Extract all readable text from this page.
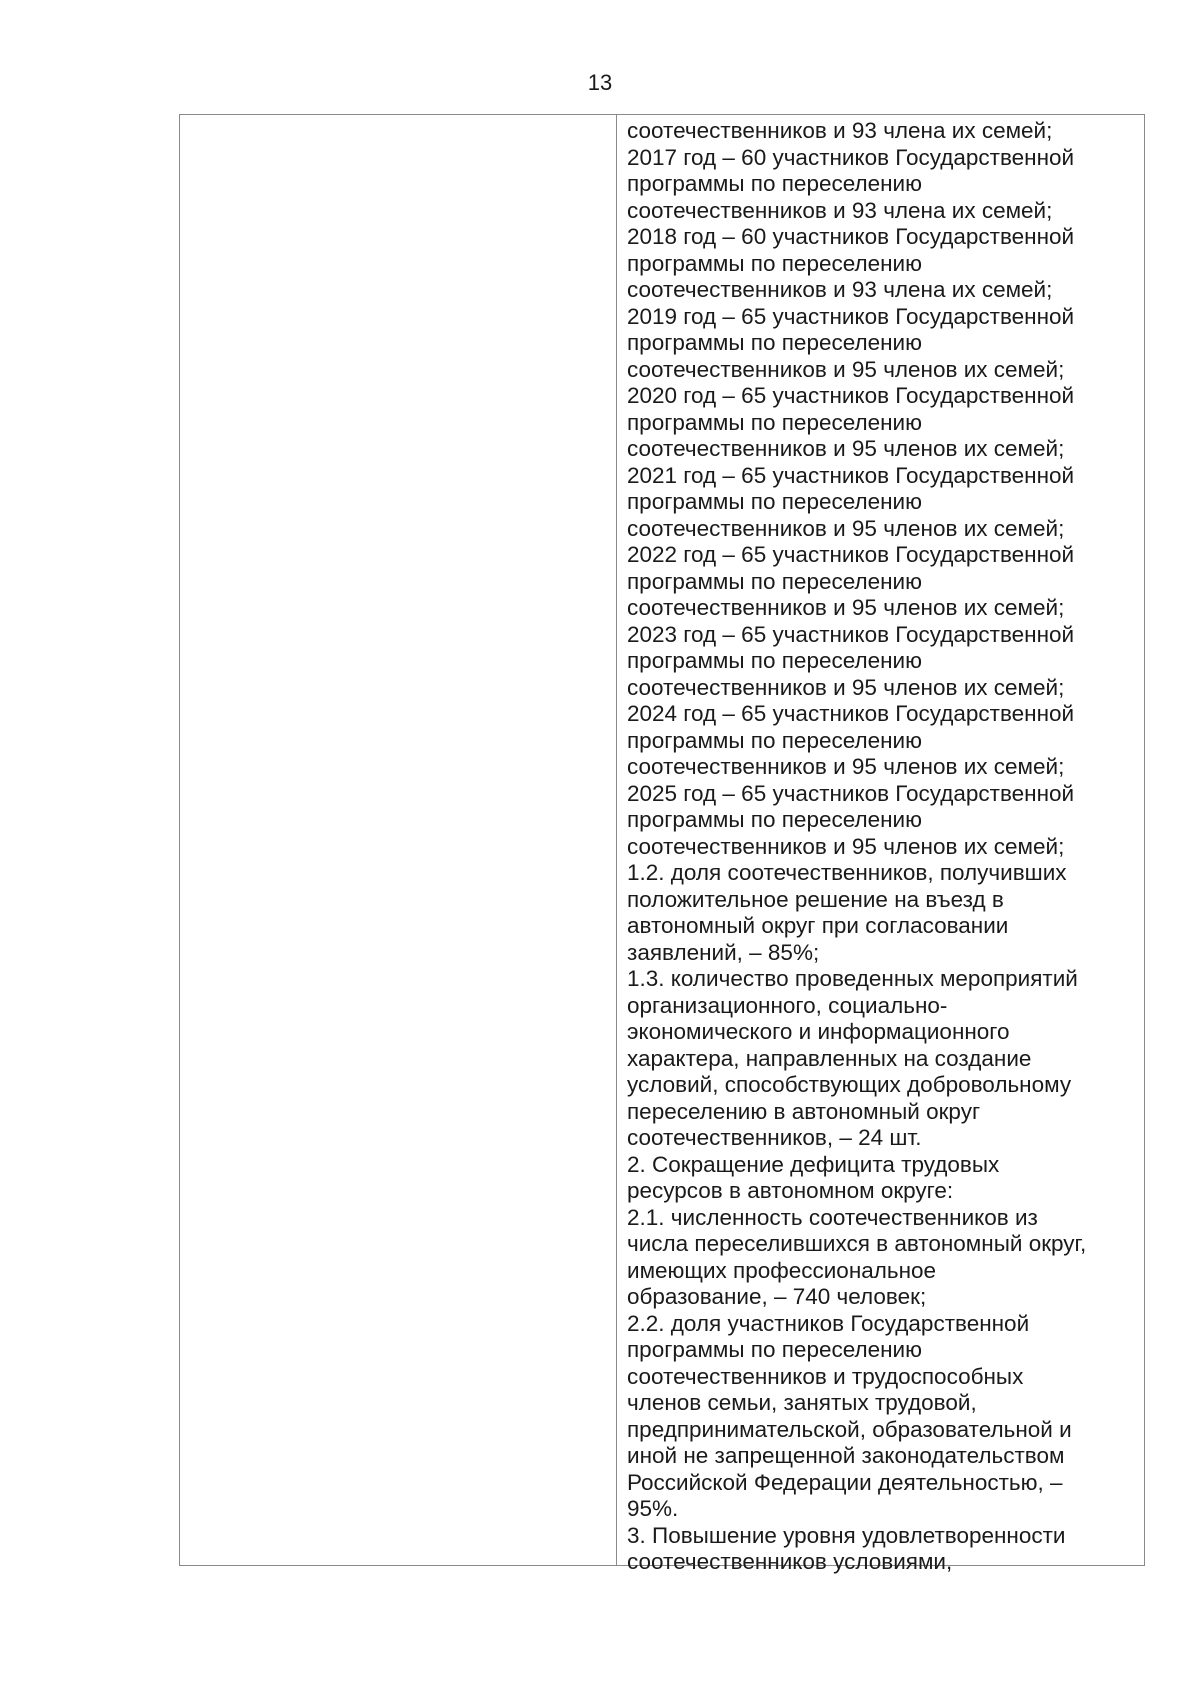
13
соотечественников и 93 члена их семей;
2017 год – 60 участников Государственной
программы по переселению
соотечественников и 93 члена их семей;
2018 год – 60 участников Государственной
программы по переселению
соотечественников и 93 члена их семей;
2019 год – 65 участников Государственной
программы по переселению
соотечественников и 95 членов их семей;
2020 год – 65 участников Государственной
программы по переселению
соотечественников и 95 членов их семей;
2021 год – 65 участников Государственной
программы по переселению
соотечественников и 95 членов их семей;
2022 год – 65 участников Государственной
программы по переселению
соотечественников и 95 членов их семей;
2023 год – 65 участников Государственной
программы по переселению
соотечественников и 95 членов их семей;
2024 год – 65 участников Государственной
программы по переселению
соотечественников и 95 членов их семей;
2025 год – 65 участников Государственной
программы по переселению
соотечественников и 95 членов их семей;
1.2. доля соотечественников, получивших
положительное решение на въезд в
автономный округ при согласовании
заявлений, – 85%;
1.3. количество проведенных мероприятий
организационного, социально-
экономического и информационного
характера, направленных на создание
условий, способствующих добровольному
переселению в автономный округ
соотечественников, – 24 шт.
2. Сокращение дефицита трудовых
ресурсов в автономном округе:
2.1. численность соотечественников из
числа переселившихся в автономный округ,
имеющих профессиональное
образование, – 740 человек;
2.2. доля участников Государственной
программы по переселению
соотечественников и трудоспособных
членов семьи, занятых трудовой,
предпринимательской, образовательной и
иной не запрещенной законодательством
Российской Федерации деятельностью, –
95%.
3. Повышение уровня удовлетворенности
соотечественников условиями,
